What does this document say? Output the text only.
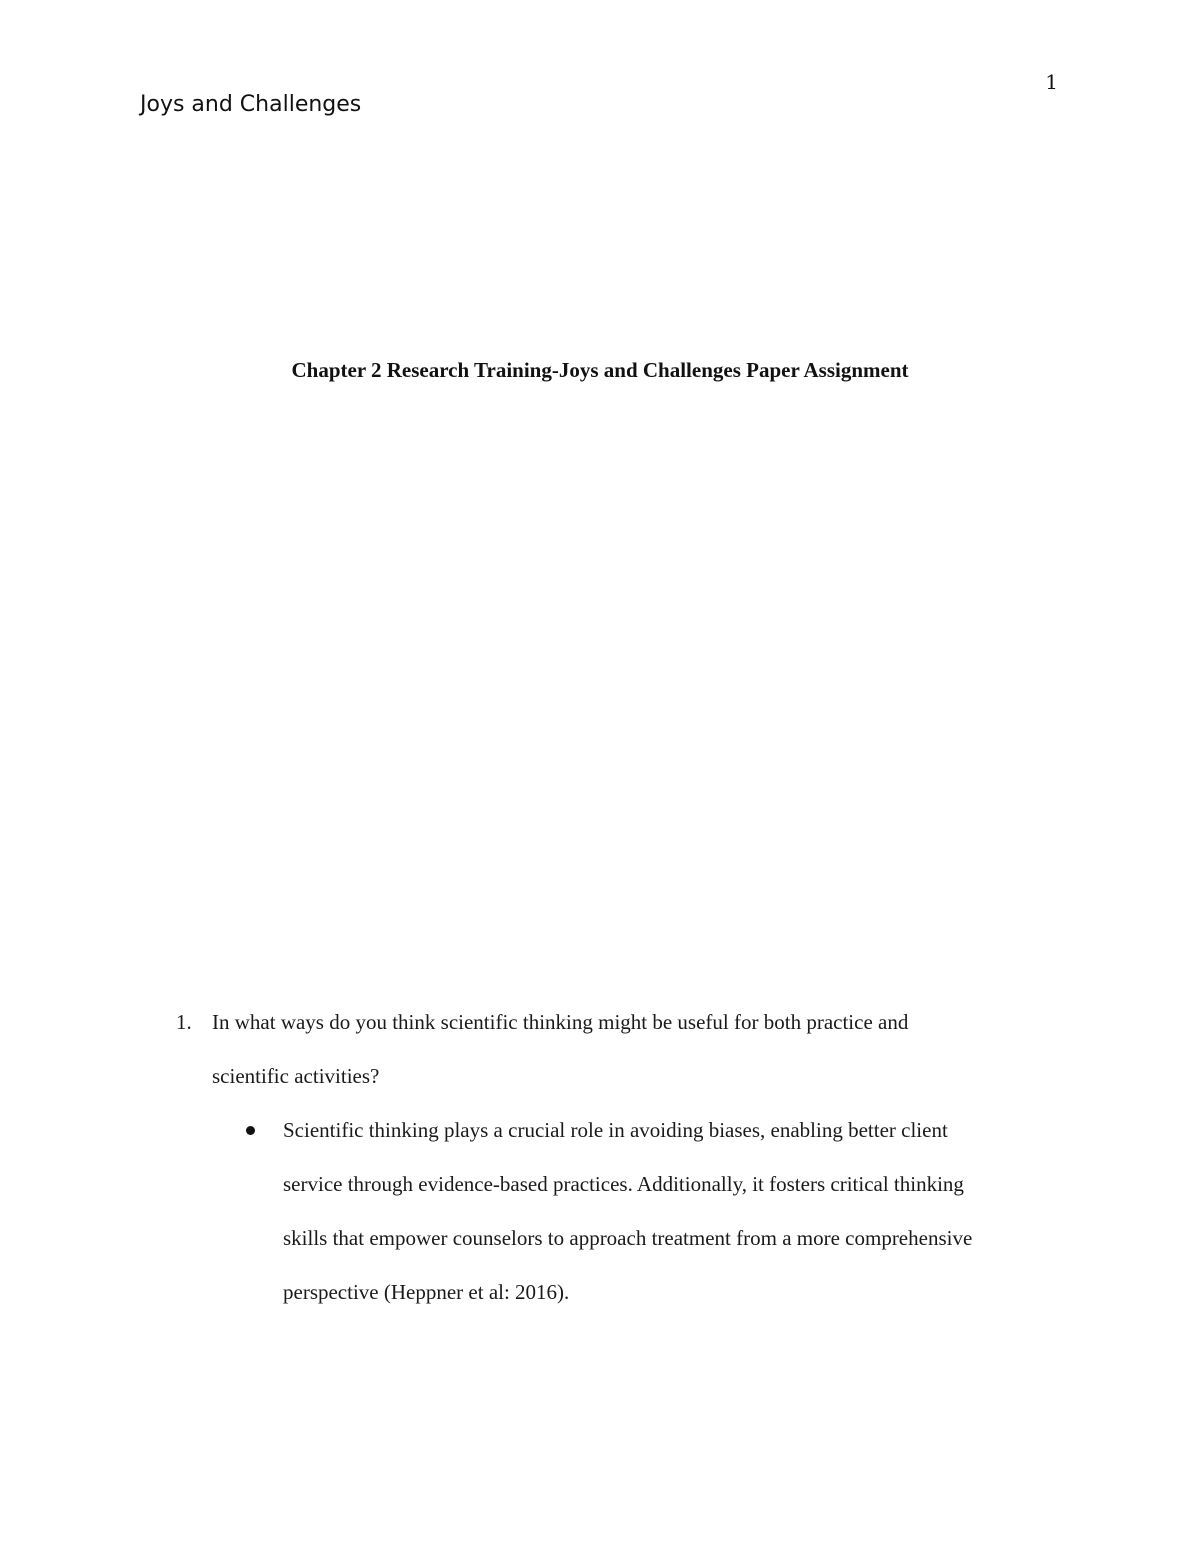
Joys and Challenges
1
Chapter 2 Research Training-Joys and Challenges Paper Assignment
1. In what ways do you think scientific thinking might be useful for both practice and
scientific activities?
Scientific thinking plays a crucial role in avoiding biases, enabling better client
service through evidence-based practices. Additionally, it fosters critical thinking
skills that empower counselors to approach treatment from a more comprehensive
perspective (Heppner et al: 2016).
